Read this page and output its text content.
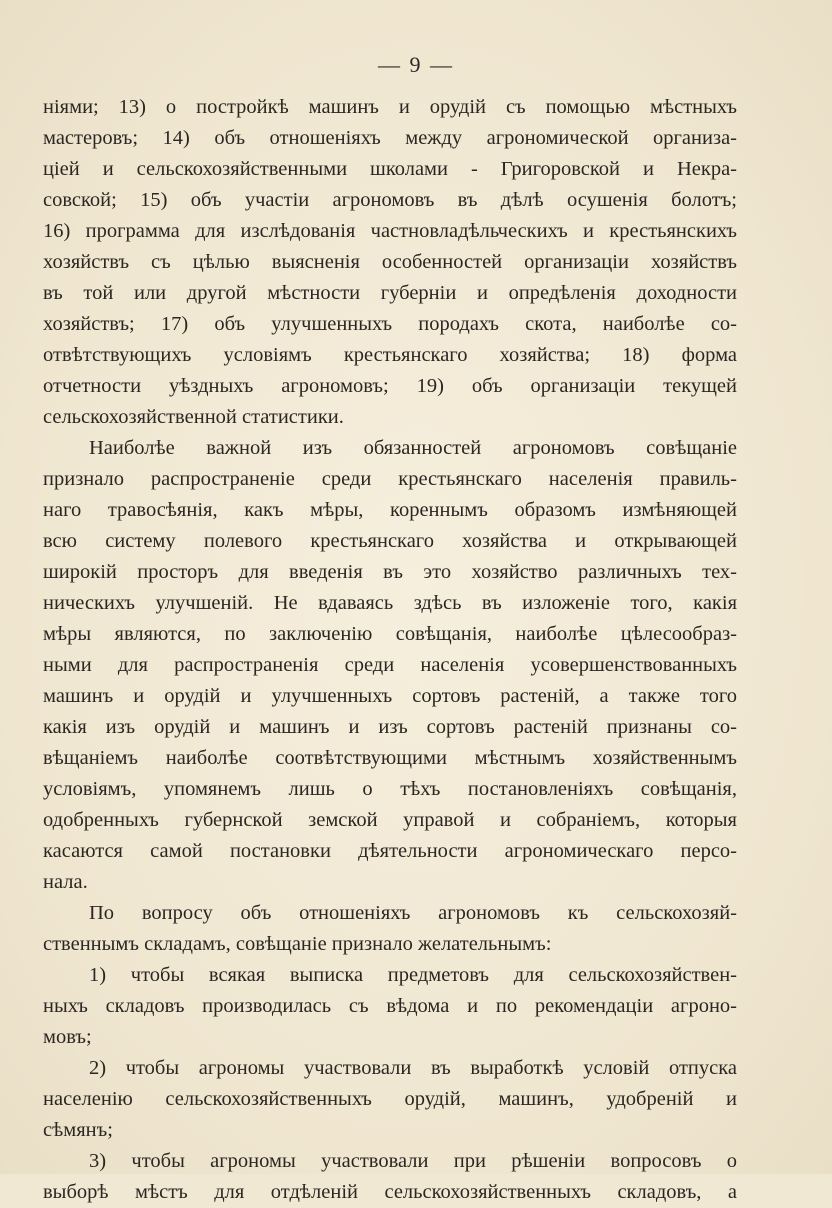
— 9 —
ніями; 13) о постройкѣ машинъ и орудій съ помощью мѣстныхъ
мастеровъ; 14) объ отношеніяхъ между агрономической организа-
ціей и сельскохозяйственными школами - Григоровской и Некра-
совской; 15) объ участіи агрономовъ въ дѣлѣ осушенія болотъ;
16) программа для изслѣдованія частновладѣльческихъ и крестьянскихъ
хозяйствъ съ цѣлью выясненія особенностей организаціи хозяйствъ
въ той или другой мѣстности губерніи и опредѣленія доходности
хозяйствъ; 17) объ улучшенныхъ породахъ скота, наиболѣе со-
отвѣтствующихъ условіямъ крестьянскаго хозяйства; 18) форма
отчетности уѣздныхъ агрономовъ; 19) объ организаціи текущей
сельскохозяйственной статистики.
Наиболѣе важной изъ обязанностей агрономовъ совѣщаніе
признало распространеніе среди крестьянскаго населенія правиль-
наго травосѣянія, какъ мѣры, кореннымъ образомъ измѣняющей
всю систему полевого крестьянскаго хозяйства и открывающей
широкій просторъ для введенія въ это хозяйство различныхъ тех-
ническихъ улучшеній. Не вдаваясь здѣсь въ изложеніе того, какія
мѣры являются, по заключенію совѣщанія, наиболѣе цѣлесообраз-
ными для распространенія среди населенія усовершенствованныхъ
машинъ и орудій и улучшенныхъ сортовъ растеній, а также того
какія изъ орудій и машинъ и изъ сортовъ растеній признаны со-
вѣщаніемъ наиболѣе соотвѣтствующими мѣстнымъ хозяйственнымъ
условіямъ, упомянемъ лишь о тѣхъ постановленіяхъ совѣщанія,
одобренныхъ губернской земской управой и собраніемъ, которыя
касаются самой постановки дѣятельности агрономическаго персо-
нала.
По вопросу объ отношеніяхъ агрономовъ къ сельскохозяй-
ственнымъ складамъ, совѣщаніе признало желательнымъ:
1) чтобы всякая выписка предметовъ для сельскохозяйствен-
ныхъ складовъ производилась съ вѣдома и по рекомендаціи агроно-
мовъ;
2) чтобы агрономы участвовали въ выработкѣ условій отпуска
населенію сельскохозяйственныхъ орудій, машинъ, удобреній и
сѣмянъ;
3) чтобы агрономы участвовали при рѣшеніи вопросовъ о
выборѣ мѣстъ для отдѣленій сельскохозяйственныхъ складовъ, а
